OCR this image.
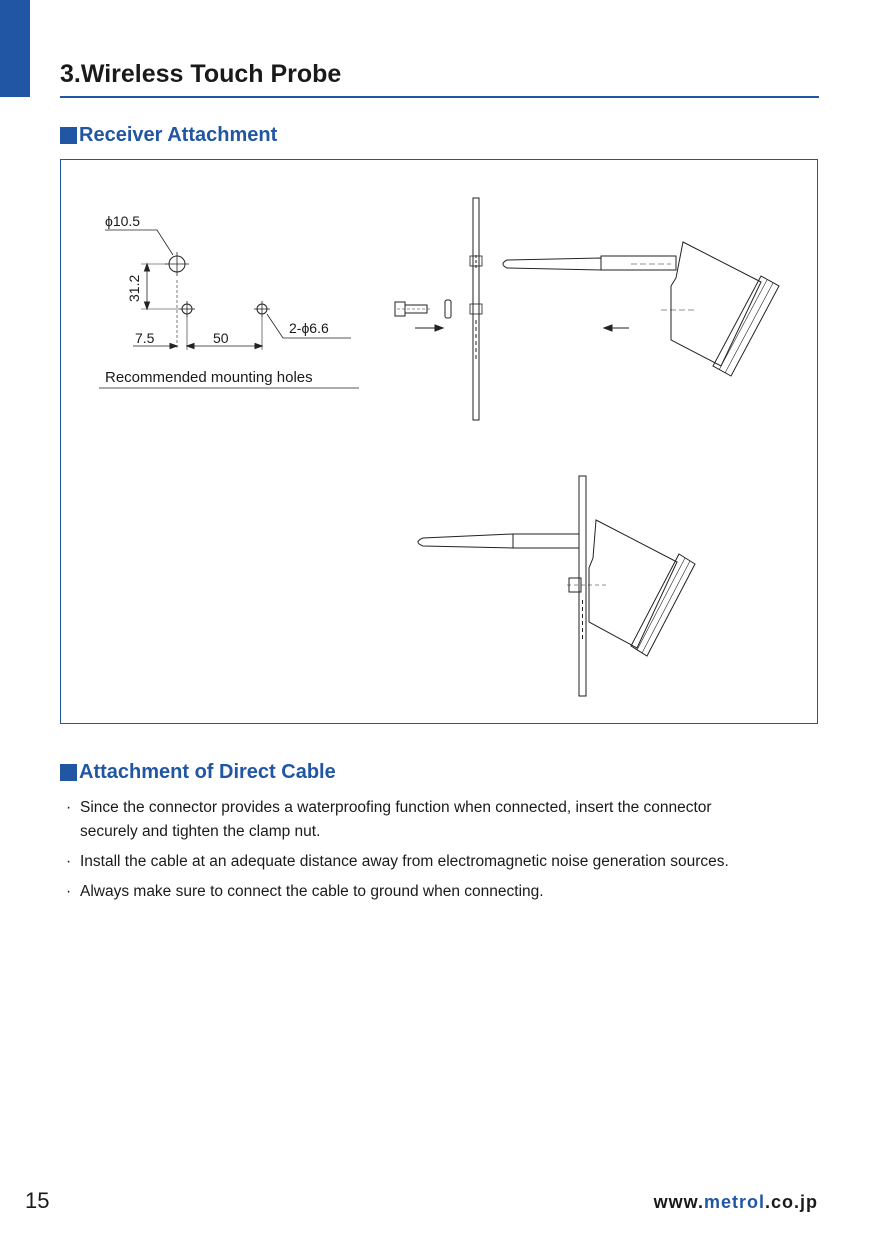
3.Wireless Touch Probe
Receiver Attachment
ϕ10.5
31.2
7.5	50
2-ϕ6.6
Recommended mounting holes
Attachment of Direct Cable
· Since the connector provides a waterproofing function when connected, insert the connector
securely and tighten the clamp nut.
· Install the cable at an adequate distance away from electromagnetic noise generation sources.
· Always make sure to connect the cable to ground when connecting.
15	www.metrol.co.jp
